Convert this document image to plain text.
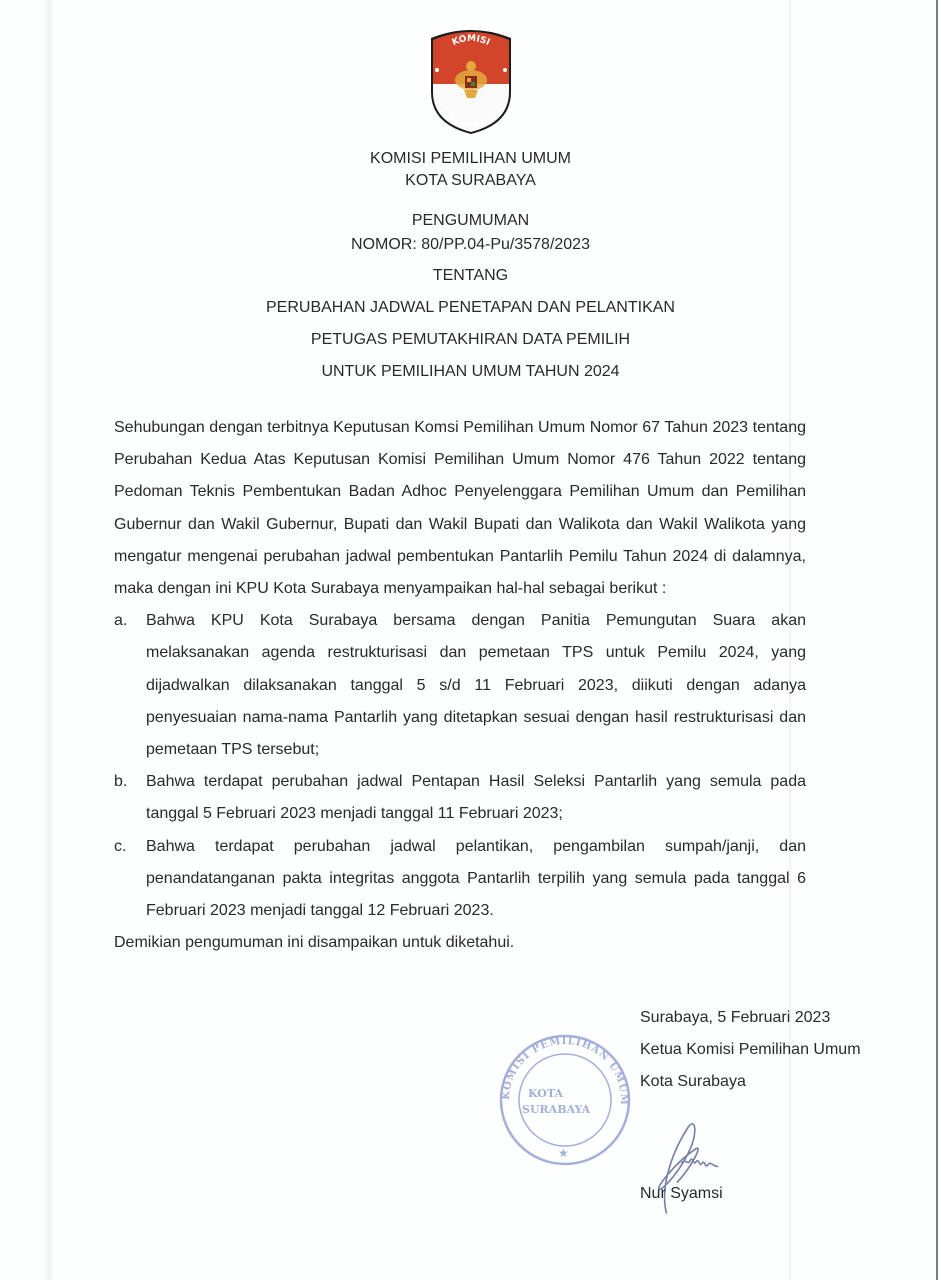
KOMISI
PEMILIHAN UMUM
KOMISI PEMILIHAN UMUM
KOTA SURABAYA
PENGUMUMAN
NOMOR: 80/PP.04-Pu/3578/2023
TENTANG
PERUBAHAN JADWAL PENETAPAN DAN PELANTIKAN
PETUGAS PEMUTAKHIRAN DATA PEMILIH
UNTUK PEMILIHAN UMUM TAHUN 2024

Sehubungan dengan terbitnya Keputusan Komsi Pemilihan Umum Nomor 67 Tahun 2023 tentang Perubahan Kedua Atas Keputusan Komisi Pemilihan Umum Nomor 476 Tahun 2022 tentang Pedoman Teknis Pembentukan Badan Adhoc Penyelenggara Pemilihan Umum dan Pemilihan Gubernur dan Wakil Gubernur, Bupati dan Wakil Bupati dan Walikota dan Wakil Walikota yang mengatur mengenai perubahan jadwal pembentukan Pantarlih Pemilu Tahun 2024 di dalamnya, maka dengan ini KPU Kota Surabaya menyampaikan hal-hal sebagai berikut :

a. Bahwa KPU Kota Surabaya bersama dengan Panitia Pemungutan Suara akan melaksanakan agenda restrukturisasi dan pemetaan TPS untuk Pemilu 2024, yang dijadwalkan dilaksanakan tanggal 5 s/d 11 Februari 2023, diikuti dengan adanya penyesuaian nama-nama Pantarlih yang ditetapkan sesuai dengan hasil restrukturisasi dan pemetaan TPS tersebut;
b. Bahwa terdapat perubahan jadwal Pentapan Hasil Seleksi Pantarlih yang semula pada tanggal 5 Februari 2023 menjadi tanggal 11 Februari 2023;
c. Bahwa terdapat perubahan jadwal pelantikan, pengambilan sumpah/janji, dan penandatanganan pakta integritas anggota Pantarlih terpilih yang semula pada tanggal 6 Februari 2023 menjadi tanggal 12 Februari 2023.

Demikian pengumuman ini disampaikan untuk diketahui.

KOMISI PEMILIHAN UMUM
KOTA
SURABAYA
★
Surabaya, 5 Februari 2023
Ketua Komisi Pemilihan Umum
Kota Surabaya
Nur Syamsi
